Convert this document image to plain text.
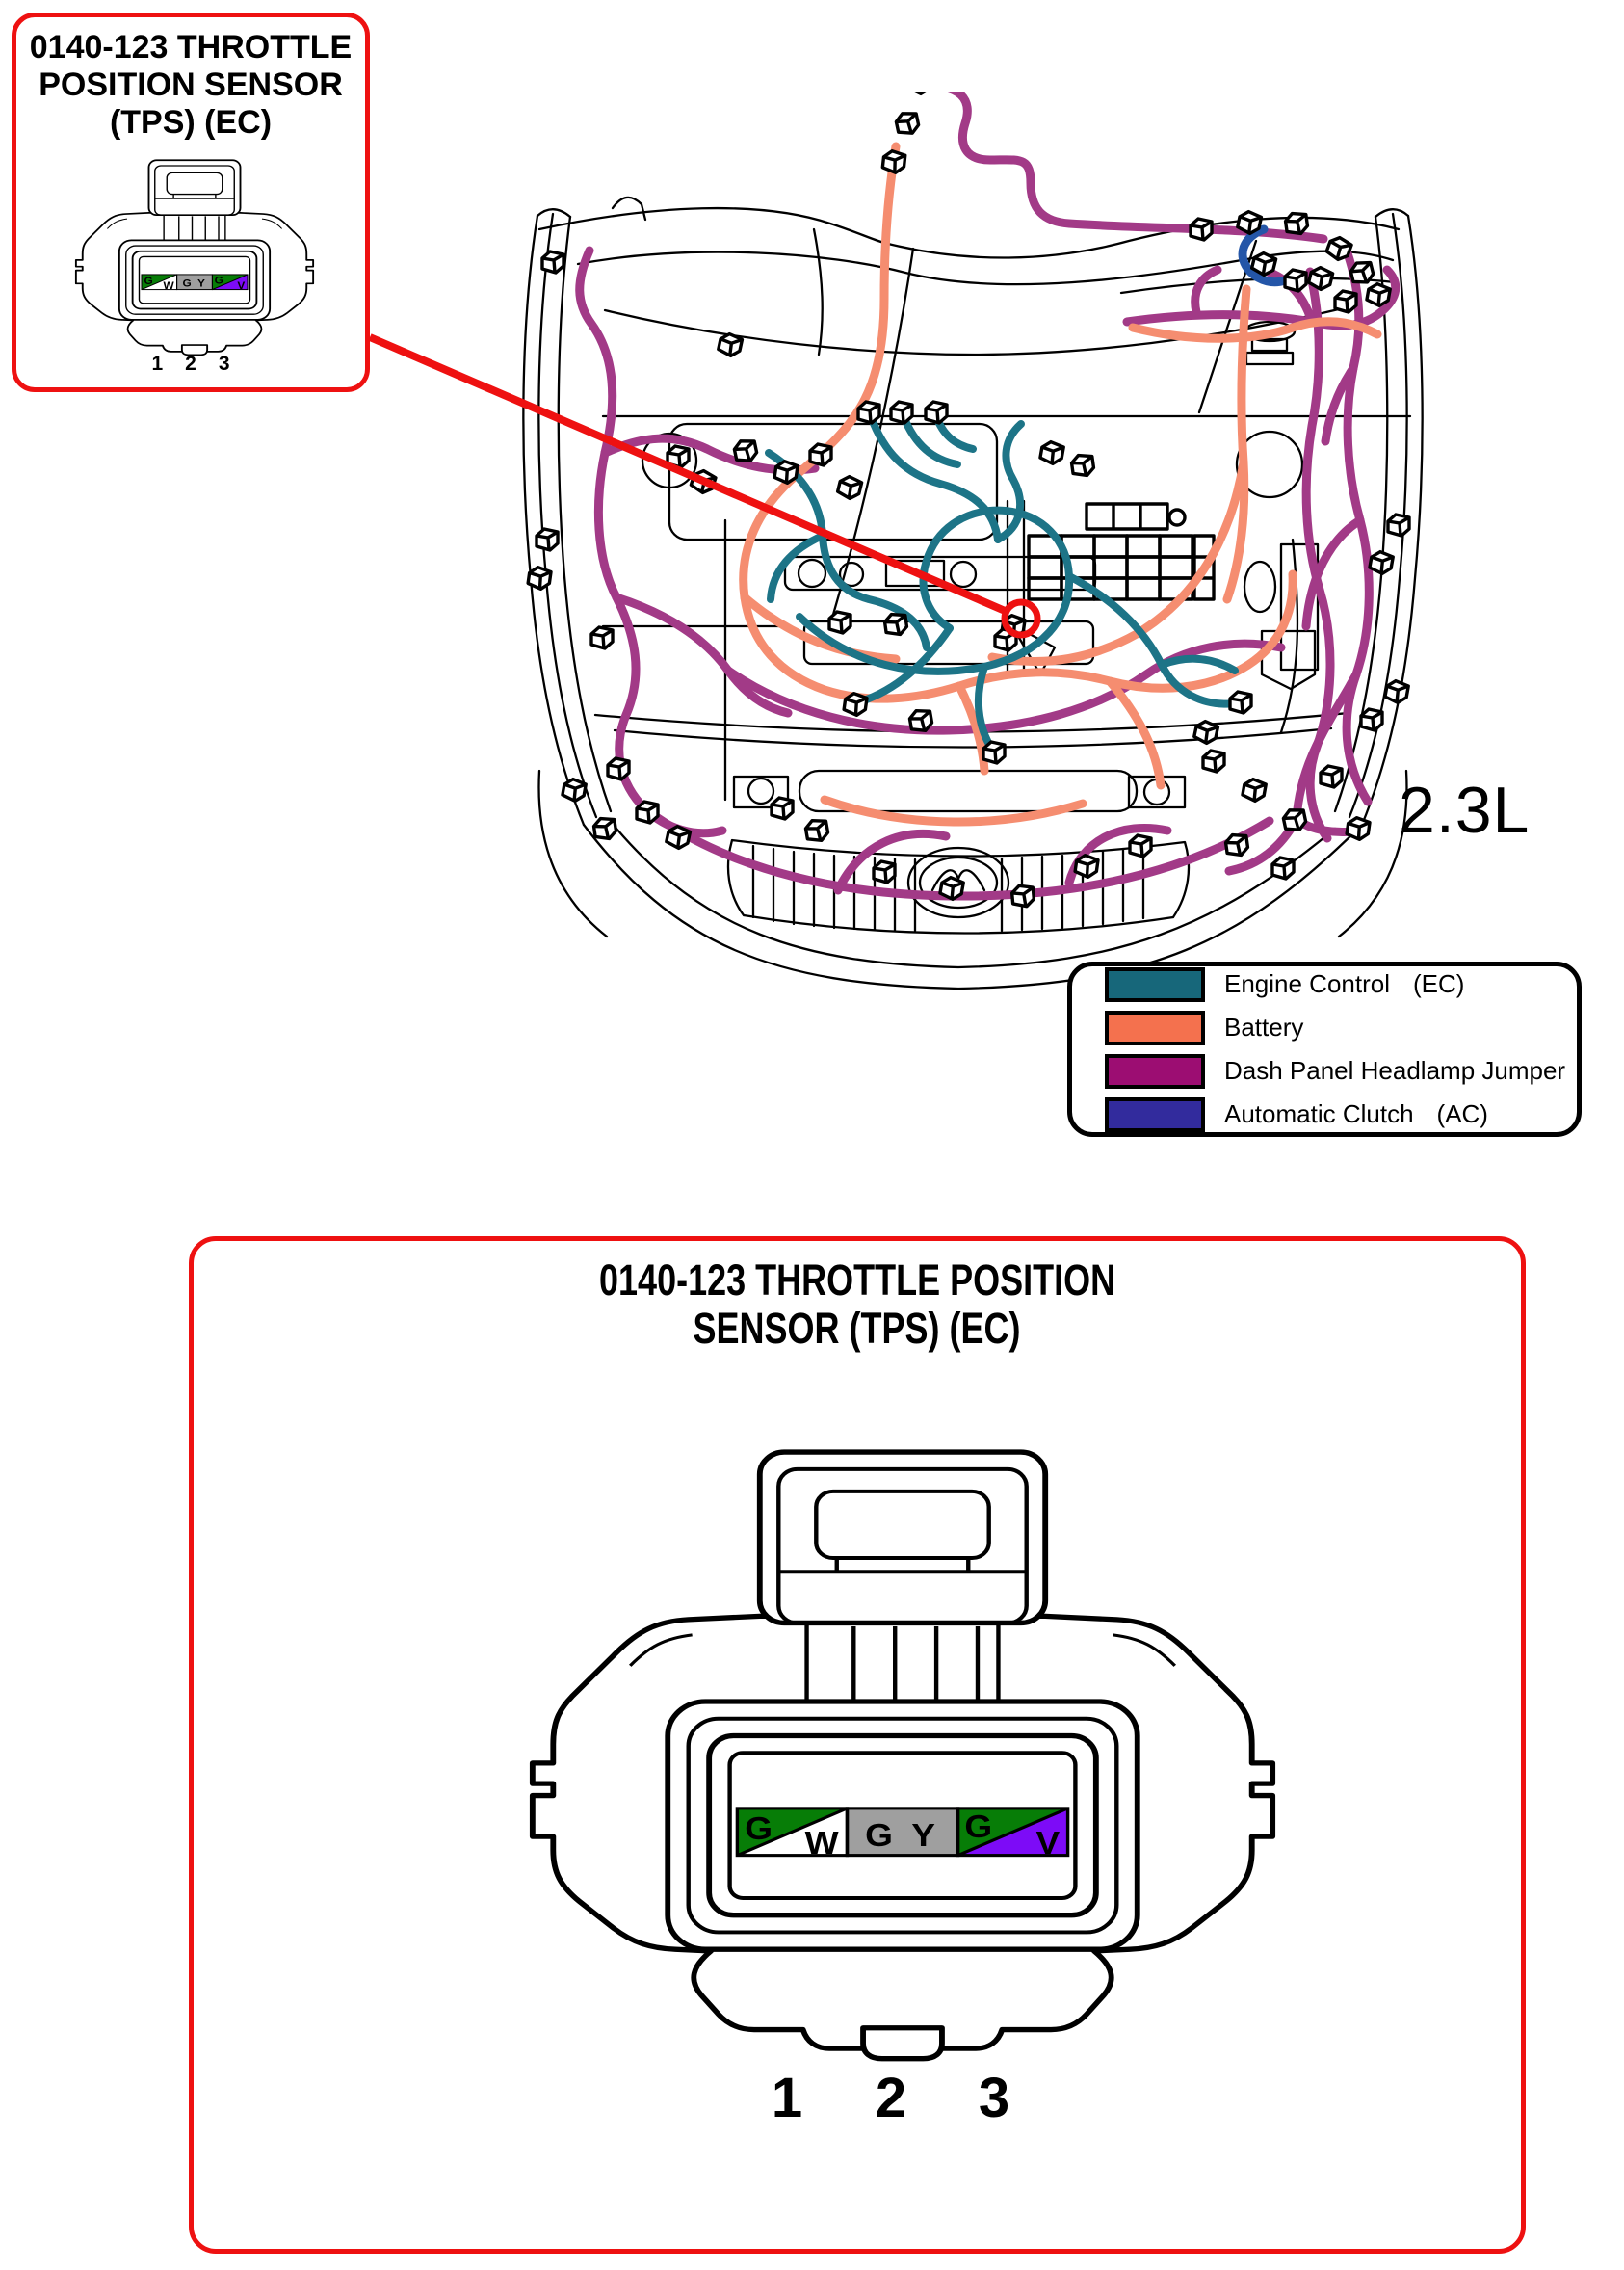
0140-123 THROTTLE
POSITION SENSOR
(TPS) (EC)
1 2 3
2.3L
Engine Control (EC)
Battery
Dash Panel Headlamp Jumper
Automatic Clutch (AC)
0140-123 THROTTLE POSITION
SENSOR (TPS) (EC)
1 2 3
